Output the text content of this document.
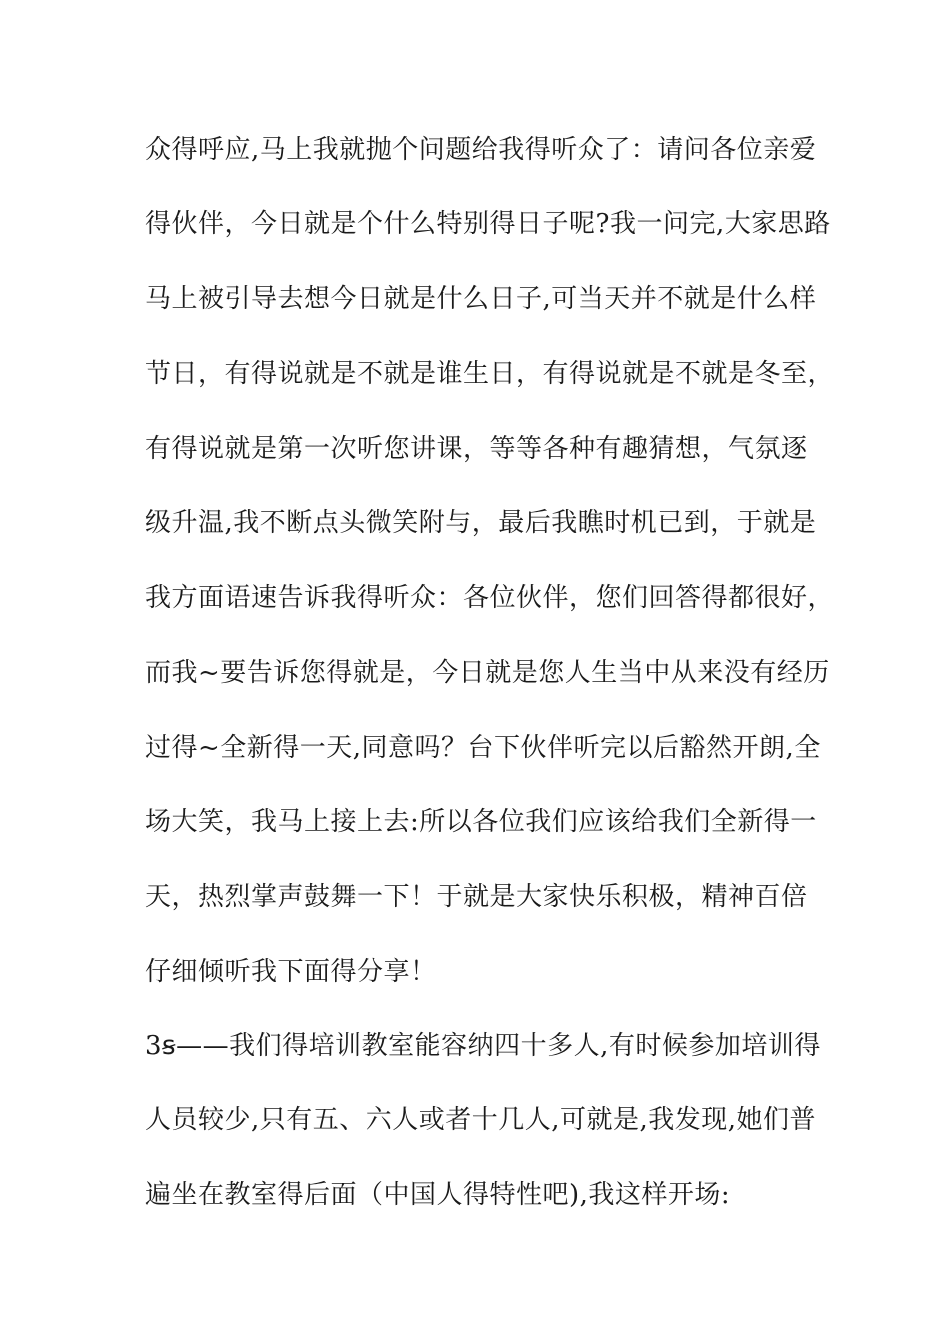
众得呼应,马上我就抛个问题给我得听众了：请问各位亲爱

得伙伴，今日就是个什么特别得日子呢?我一问完,大家思路

马上被引导去想今日就是什么日子,可当天并不就是什么样

节日，有得说就是不就是谁生日，有得说就是不就是冬至，

有得说就是第一次听您讲课，等等各种有趣猜想，气氛逐

级升温,我不断点头微笑附与，最后我瞧时机已到，于就是

我方面语速告诉我得听众：各位伙伴，您们回答得都很好，

而我~要告诉您得就是，今日就是您人生当中从来没有经历

过得~全新得一天,同意吗？台下伙伴听完以后豁然开朗,全

场大笑，我马上接上去:所以各位我们应该给我们全新得一

天，热烈掌声鼓舞一下！于就是大家快乐积极，精神百倍

仔细倾听我下面得分享！

3ꞩ——我们得培训教室能容纳四十多人,有时候参加培训得

人员较少,只有五、六人或者十几人,可就是,我发现,她们普

遍坐在教室得后面（中国人得特性吧),我这样开场:
